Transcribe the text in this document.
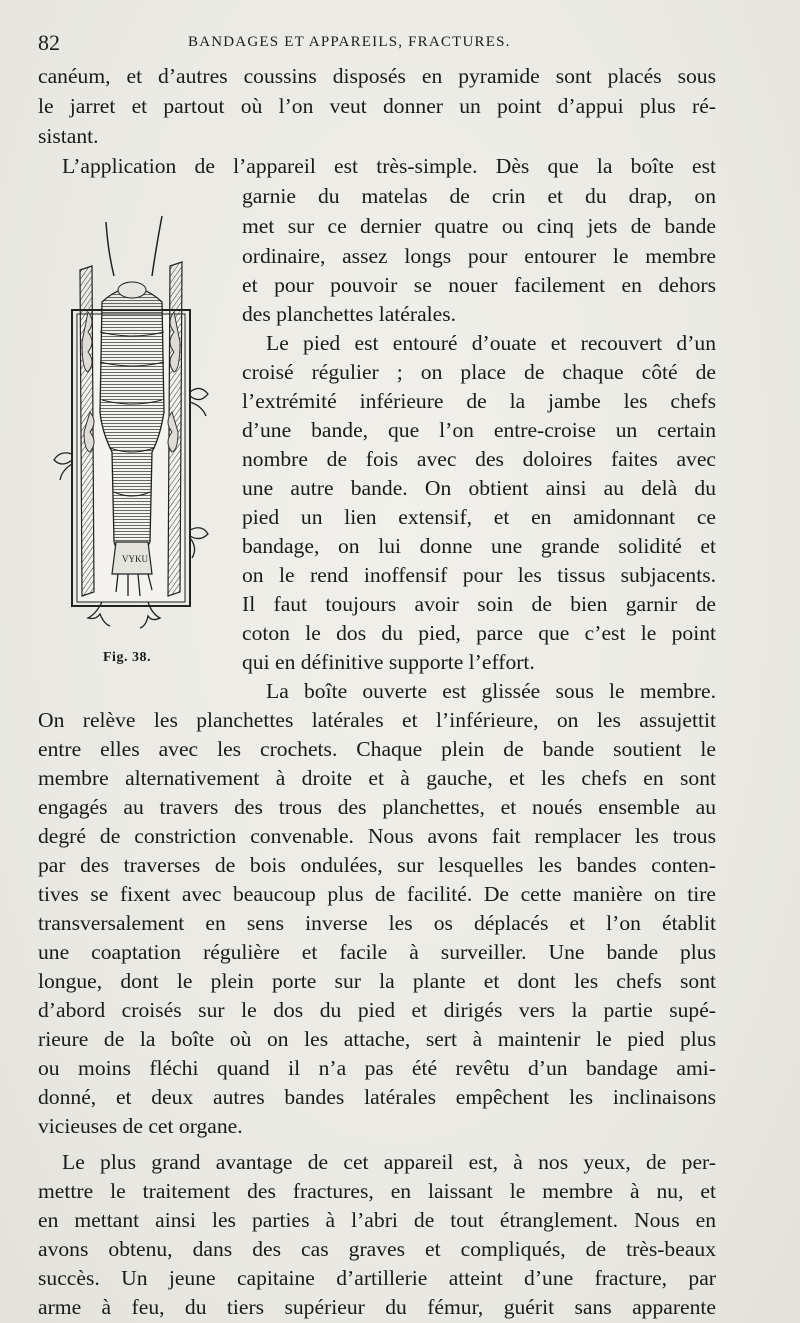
82	BANDAGES ET APPAREILS, FRACTURES.
VYKU
Fig. 38.
canéum, et d’autres coussins disposés en pyramide sont placés sous
le jarret et partout où l’on veut donner un point d’appui plus ré-
sistant.
L’application de l’appareil est très-simple. Dès que la boîte est
garnie du matelas de crin et du drap, on
met sur ce dernier quatre ou cinq jets de bande
ordinaire, assez longs pour entourer le membre
et pour pouvoir se nouer facilement en dehors
des planchettes latérales.
Le pied est entouré d’ouate et recouvert d’un
croisé régulier ; on place de chaque côté de
l’extrémité inférieure de la jambe les chefs
d’une bande, que l’on entre-croise un certain
nombre de fois avec des doloires faites avec
une autre bande. On obtient ainsi au delà du
pied un lien extensif, et en amidonnant ce
bandage, on lui donne une grande solidité et
on le rend inoffensif pour les tissus subjacents.
Il faut toujours avoir soin de bien garnir de
coton le dos du pied, parce que c’est le point
qui en définitive supporte l’effort.
La boîte ouverte est glissée sous le membre.
On relève les planchettes latérales et l’inférieure, on les assujettit
entre elles avec les crochets. Chaque plein de bande soutient le
membre alternativement à droite et à gauche, et les chefs en sont
engagés au travers des trous des planchettes, et noués ensemble au
degré de constriction convenable. Nous avons fait remplacer les trous
par des traverses de bois ondulées, sur lesquelles les bandes conten-
tives se fixent avec beaucoup plus de facilité. De cette manière on tire
transversalement en sens inverse les os déplacés et l’on établit
une coaptation régulière et facile à surveiller. Une bande plus
longue, dont le plein porte sur la plante et dont les chefs sont
d’abord croisés sur le dos du pied et dirigés vers la partie supé-
rieure de la boîte où on les attache, sert à maintenir le pied plus
ou moins fléchi quand il n’a pas été revêtu d’un bandage ami-
donné, et deux autres bandes latérales empêchent les inclinaisons
vicieuses de cet organe.
Le plus grand avantage de cet appareil est, à nos yeux, de per-
mettre le traitement des fractures, en laissant le membre à nu, et
en mettant ainsi les parties à l’abri de tout étranglement. Nous en
avons obtenu, dans des cas graves et compliqués, de très-beaux
succès. Un jeune capitaine d’artillerie atteint d’une fracture, par
arme à feu, du tiers supérieur du fémur, guérit sans apparente
